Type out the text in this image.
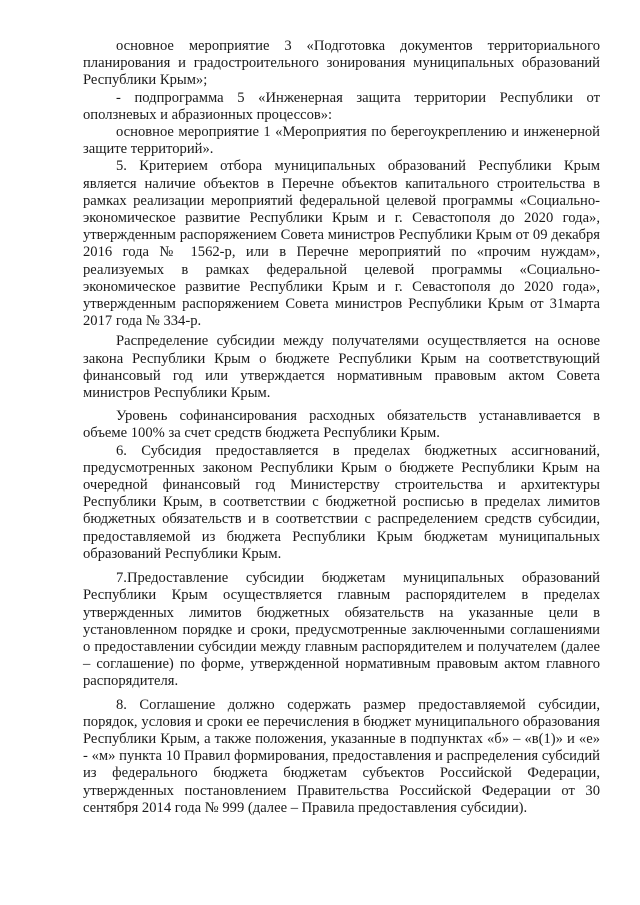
основное мероприятие 3 «Подготовка документов территориального планирования и градостроительного зонирования муниципальных образований Республики Крым»;

- подпрограмма 5 «Инженерная защита территории Республики от оползневых и абразионных процессов»:

основное мероприятие 1 «Мероприятия по берегоукреплению и инженерной защите территорий».

5. Критерием отбора муниципальных образований Республики Крым является наличие объектов в Перечне объектов капитального строительства в рамках реализации мероприятий федеральной целевой программы «Социально-экономическое развитие Республики Крым и г. Севастополя до 2020 года», утвержденным распоряжением Совета министров Республики Крым от 09 декабря 2016 года № 1562-р, или в Перечне мероприятий по «прочим нуждам», реализуемых в рамках федеральной целевой программы «Социально-экономическое развитие Республики Крым и г. Севастополя до 2020 года», утвержденным распоряжением Совета министров Республики Крым от 31марта 2017 года № 334-р.

Распределение субсидии между получателями осуществляется на основе закона Республики Крым о бюджете Республики Крым на соответствующий финансовый год или утверждается нормативным правовым актом Совета министров Республики Крым.

Уровень софинансирования расходных обязательств устанавливается в объеме 100% за счет средств бюджета Республики Крым.

6. Субсидия предоставляется в пределах бюджетных ассигнований, предусмотренных законом Республики Крым о бюджете Республики Крым на очередной финансовый год Министерству строительства и архитектуры Республики Крым, в соответствии с бюджетной росписью в пределах лимитов бюджетных обязательств и в соответствии с распределением средств субсидии, предоставляемой из бюджета Республики Крым бюджетам муниципальных образований Республики Крым.

7.Предоставление субсидии бюджетам муниципальных образований Республики Крым осуществляется главным распорядителем в пределах утвержденных лимитов бюджетных обязательств на указанные цели в установленном порядке и сроки, предусмотренные заключенными соглашениями о предоставлении субсидии между главным распорядителем и получателем (далее – соглашение) по форме, утвержденной нормативным правовым актом главного распорядителя.

8. Соглашение должно содержать размер предоставляемой субсидии, порядок, условия и сроки ее перечисления в бюджет муниципального образования Республики Крым, а также положения, указанные в подпунктах «б» – «в(1)» и «е» - «м» пункта 10 Правил формирования, предоставления и распределения субсидий из федерального бюджета бюджетам субъектов Российской Федерации, утвержденных постановлением Правительства Российской Федерации от 30 сентября 2014 года № 999 (далее – Правила предоставления субсидии).
